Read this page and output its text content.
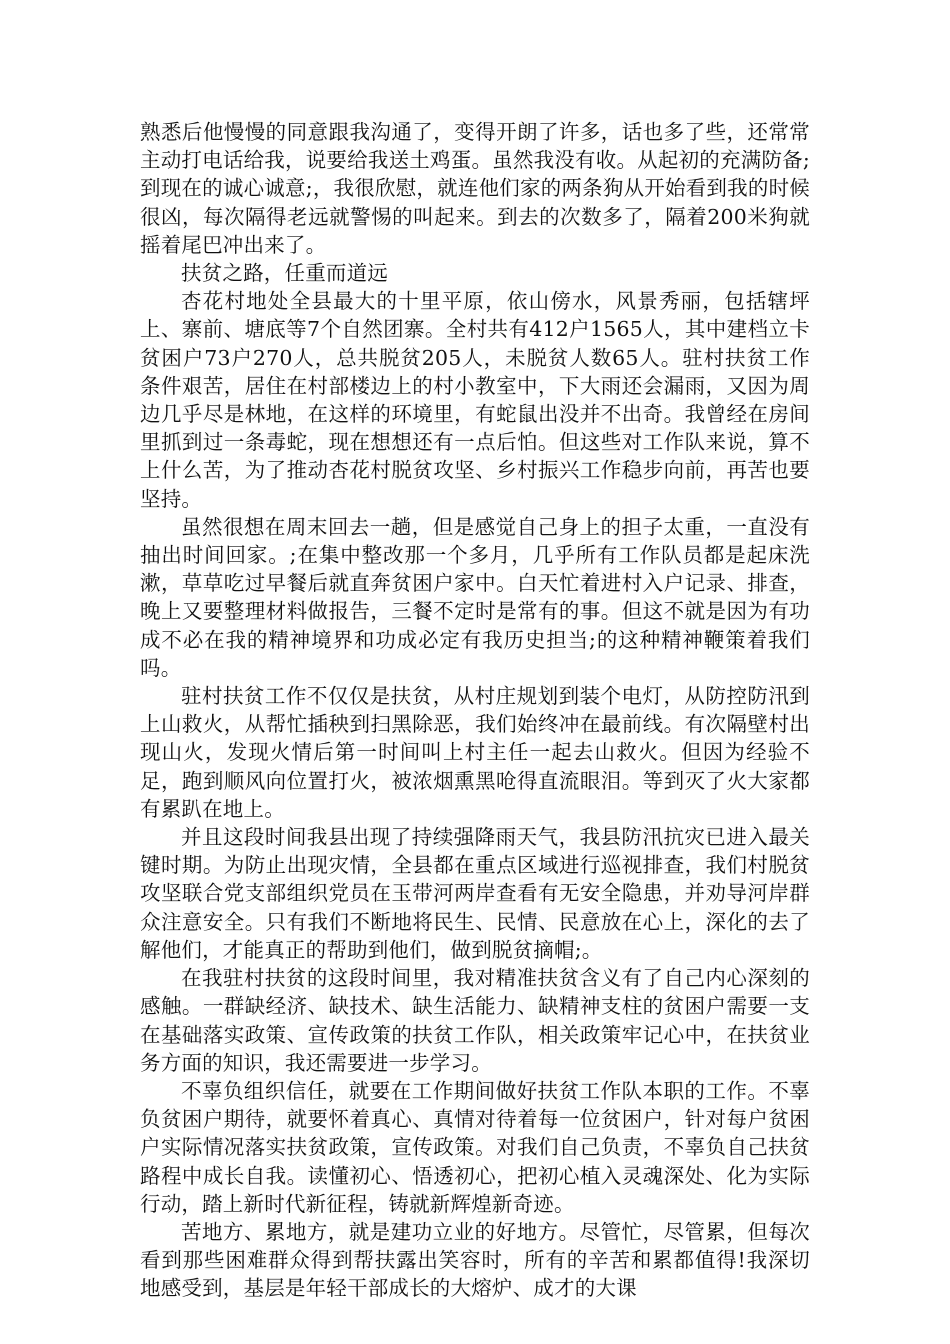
熟悉后他慢慢的同意跟我沟通了，变得开朗了许多，话也多了些，还常常主动打电话给我，说要给我送土鸡蛋。虽然我没有收。从起初的充满防备;到现在的诚心诚意;，我很欣慰，就连他们家的两条狗从开始看到我的时候很凶，每次隔得老远就警惕的叫起来。到去的次数多了，隔着200米狗就摇着尾巴冲出来了。

扶贫之路，任重而道远

杏花村地处全县最大的十里平原，依山傍水，风景秀丽，包括辖坪上、寨前、塘底等7个自然团寨。全村共有412户1565人，其中建档立卡贫困户73户270人，总共脱贫205人，未脱贫人数65人。驻村扶贫工作条件艰苦，居住在村部楼边上的村小教室中，下大雨还会漏雨，又因为周边几乎尽是林地，在这样的环境里，有蛇鼠出没并不出奇。我曾经在房间里抓到过一条毒蛇，现在想想还有一点后怕。但这些对工作队来说，算不上什么苦，为了推动杏花村脱贫攻坚、乡村振兴工作稳步向前，再苦也要坚持。

虽然很想在周末回去一趟，但是感觉自己身上的担子太重，一直没有抽出时间回家。;在集中整改那一个多月，几乎所有工作队员都是起床洗漱，草草吃过早餐后就直奔贫困户家中。白天忙着进村入户记录、排查，晚上又要整理材料做报告，三餐不定时是常有的事。但这不就是因为有功成不必在我的精神境界和功成必定有我历史担当;的这种精神鞭策着我们吗。

驻村扶贫工作不仅仅是扶贫，从村庄规划到装个电灯，从防控防汛到上山救火，从帮忙插秧到扫黑除恶，我们始终冲在最前线。有次隔壁村出现山火，发现火情后第一时间叫上村主任一起去山救火。但因为经验不足，跑到顺风向位置打火，被浓烟熏黑呛得直流眼泪。等到灭了火大家都有累趴在地上。

并且这段时间我县出现了持续强降雨天气，我县防汛抗灾已进入最关键时期。为防止出现灾情，全县都在重点区域进行巡视排查，我们村脱贫攻坚联合党支部组织党员在玉带河两岸查看有无安全隐患，并劝导河岸群众注意安全。只有我们不断地将民生、民情、民意放在心上，深化的去了解他们，才能真正的帮助到他们，做到脱贫摘帽;。

在我驻村扶贫的这段时间里，我对精准扶贫含义有了自己内心深刻的感触。一群缺经济、缺技术、缺生活能力、缺精神支柱的贫困户需要一支在基础落实政策、宣传政策的扶贫工作队，相关政策牢记心中，在扶贫业务方面的知识，我还需要进一步学习。

不辜负组织信任，就要在工作期间做好扶贫工作队本职的工作。不辜负贫困户期待，就要怀着真心、真情对待着每一位贫困户，针对每户贫困户实际情况落实扶贫政策，宣传政策。对我们自己负责，不辜负自己扶贫路程中成长自我。读懂初心、悟透初心，把初心植入灵魂深处、化为实际行动，踏上新时代新征程，铸就新辉煌新奇迹。

苦地方、累地方，就是建功立业的好地方。尽管忙，尽管累，但每次看到那些困难群众得到帮扶露出笑容时，所有的辛苦和累都值得!我深切地感受到，基层是年轻干部成长的大熔炉、成才的大课
